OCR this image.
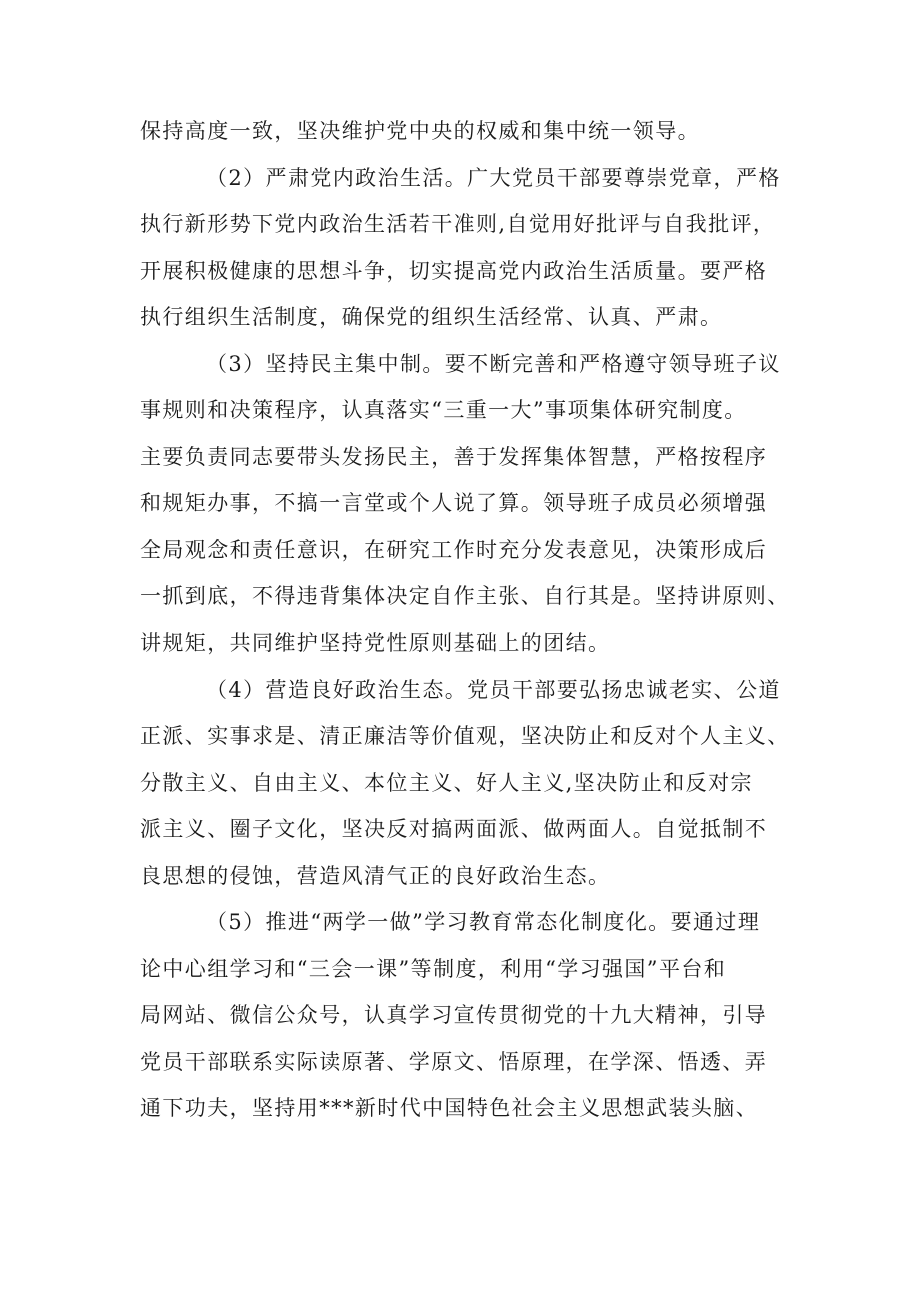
保持高度一致，坚决维护党中央的权威和集中统一领导。
（2）严肃党内政治生活。广大党员干部要尊崇党章，严格
执行新形势下党内政治生活若干准则,自觉用好批评与自我批评，
开展积极健康的思想斗争，切实提高党内政治生活质量。要严格
执行组织生活制度，确保党的组织生活经常、认真、严肃。
（3）坚持民主集中制。要不断完善和严格遵守领导班子议
事规则和决策程序，认真落实“三重一大”事项集体研究制度。
主要负责同志要带头发扬民主，善于发挥集体智慧，严格按程序
和规矩办事，不搞一言堂或个人说了算。领导班子成员必须增强
全局观念和责任意识，在研究工作时充分发表意见，决策形成后
一抓到底，不得违背集体决定自作主张、自行其是。坚持讲原则、
讲规矩，共同维护坚持党性原则基础上的团结。
（4）营造良好政治生态。党员干部要弘扬忠诚老实、公道
正派、实事求是、清正廉洁等价值观，坚决防止和反对个人主义、
分散主义、自由主义、本位主义、好人主义,坚决防止和反对宗
派主义、圈子文化，坚决反对搞两面派、做两面人。自觉抵制不
良思想的侵蚀，营造风清气正的良好政治生态。
（5）推进“两学一做”学习教育常态化制度化。要通过理
论中心组学习和“三会一课”等制度，利用“学习强国”平台和
局网站、微信公众号，认真学习宣传贯彻党的十九大精神，引导
党员干部联系实际读原著、学原文、悟原理，在学深、悟透、弄
通下功夫，坚持用***新时代中国特色社会主义思想武装头脑、
